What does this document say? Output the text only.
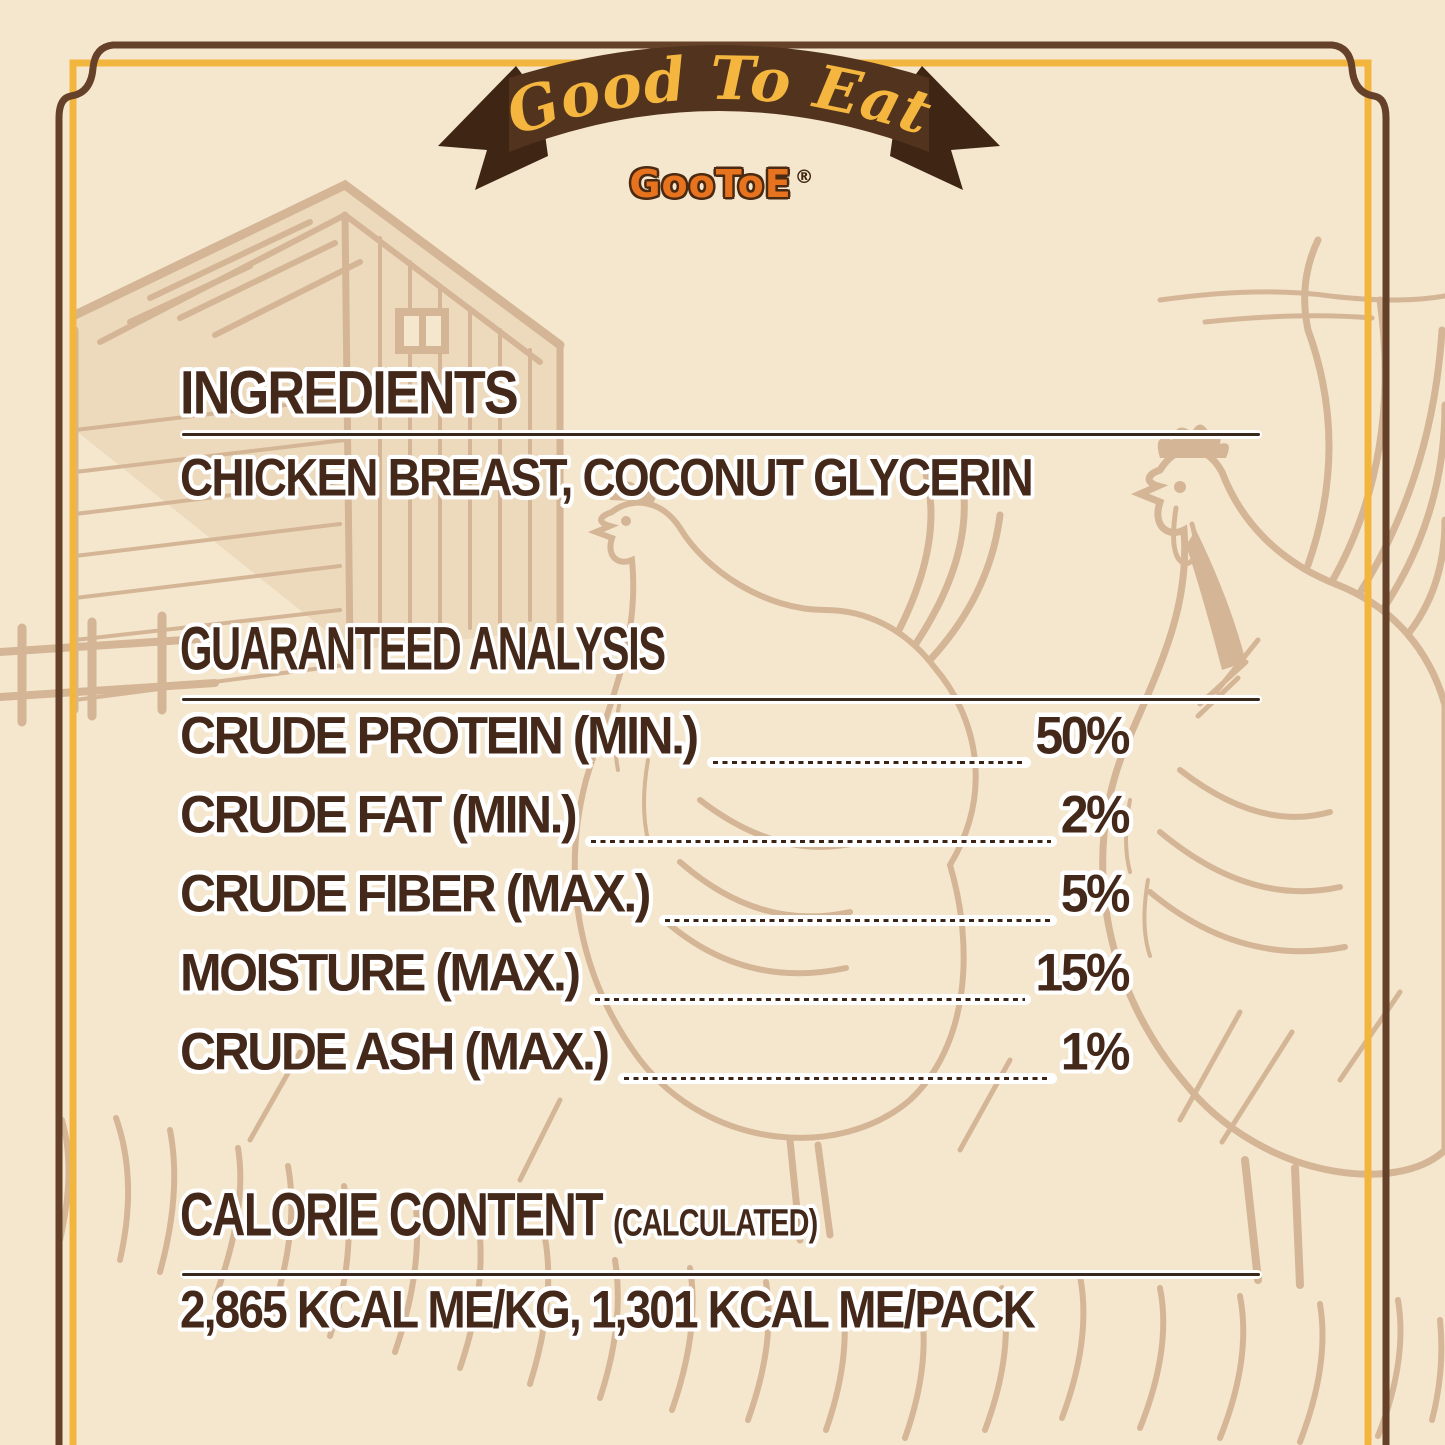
Good To Eat
GooToE ®
INGREDIENTS

CHICKEN BREAST, COCONUT GLYCERIN

GUARANTEED ANALYSIS
CRUDE PROTEIN (MIN.)	50%
CRUDE FAT (MIN.)	2%
CRUDE FIBER (MAX.)	5%
MOISTURE (MAX.)	15%
CRUDE ASH (MAX.)	1%
CALORIE CONTENT (CALCULATED)

2,865 KCAL ME/KG, 1,301 KCAL ME/PACK
